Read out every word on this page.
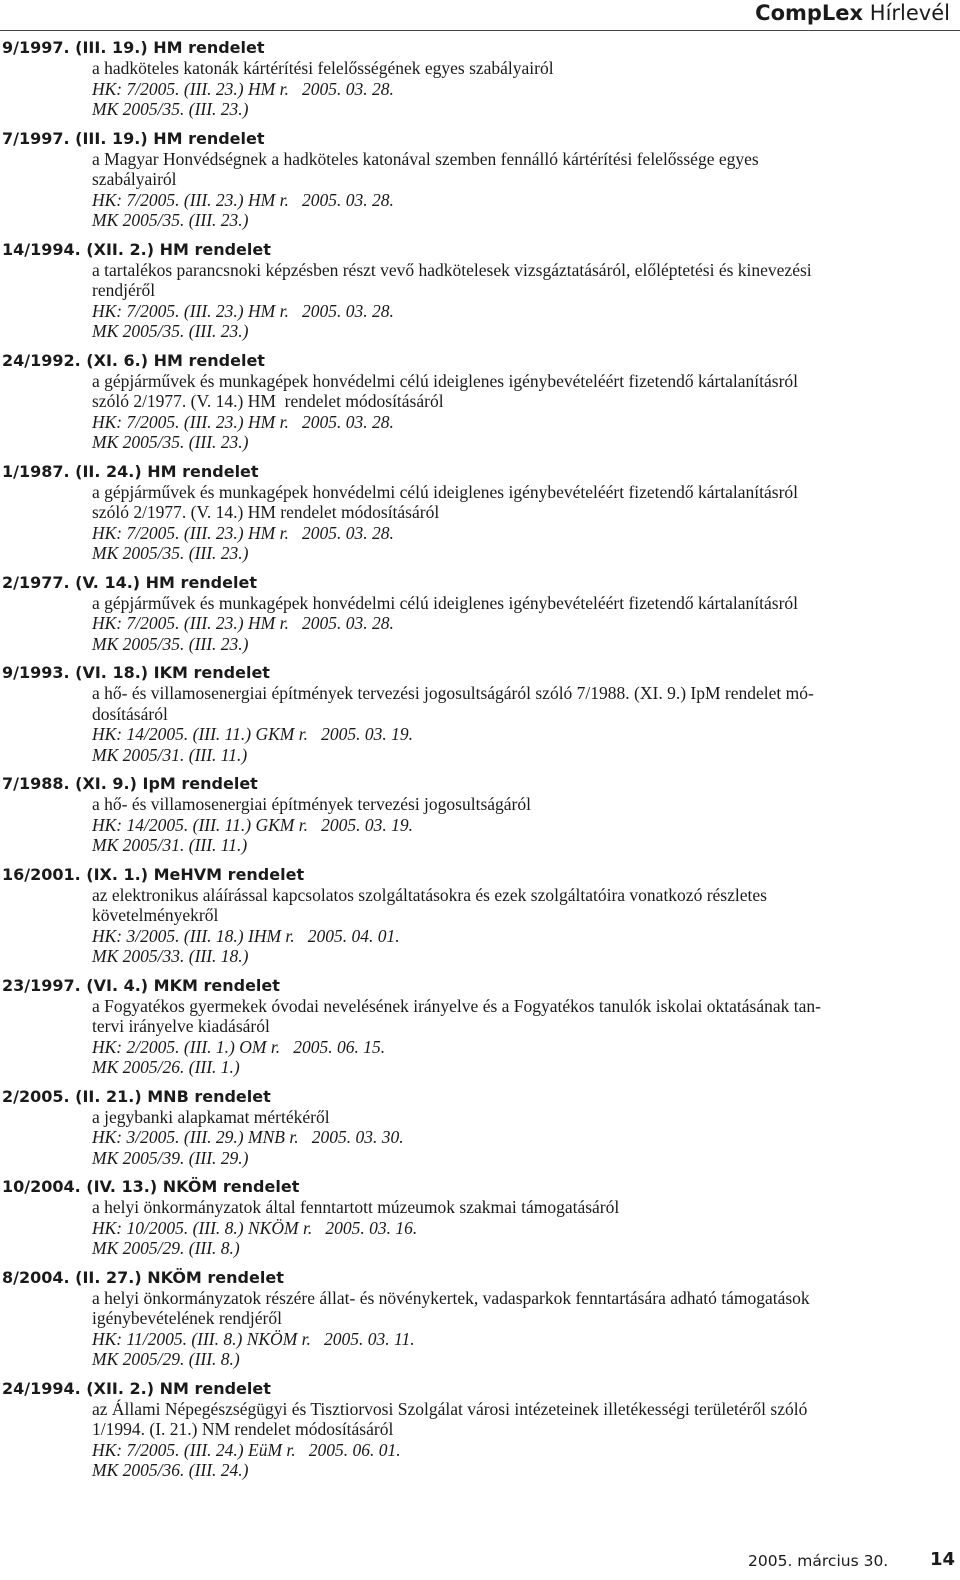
CompLex Hírlevél
9/1997. (III. 19.) HM rendelet
a hadköteles katonák kártérítési felelősségének egyes szabályairól
HK: 7/2005. (III. 23.) HM r.   2005. 03. 28.
MK 2005/35. (III. 23.)
7/1997. (III. 19.) HM rendelet
a Magyar Honvédségnek a hadköteles katonával szemben fennálló kártérítési felelőssége egyes
szabályairól
HK: 7/2005. (III. 23.) HM r.   2005. 03. 28.
MK 2005/35. (III. 23.)
14/1994. (XII. 2.) HM rendelet
a tartalékos parancsnoki képzésben részt vevő hadkötelesek vizsgáztatásáról, előléptetési és kinevezési
rendjéről
HK: 7/2005. (III. 23.) HM r.   2005. 03. 28.
MK 2005/35. (III. 23.)
24/1992. (XI. 6.) HM rendelet
a gépjárművek és munkagépek honvédelmi célú ideiglenes igénybevételéért fizetendő kártalanításról
szóló 2/1977. (V. 14.) HM  rendelet módosításáról
HK: 7/2005. (III. 23.) HM r.   2005. 03. 28.
MK 2005/35. (III. 23.)
1/1987. (II. 24.) HM rendelet
a gépjárművek és munkagépek honvédelmi célú ideiglenes igénybevételéért fizetendő kártalanításról
szóló 2/1977. (V. 14.) HM rendelet módosításáról
HK: 7/2005. (III. 23.) HM r.   2005. 03. 28.
MK 2005/35. (III. 23.)
2/1977. (V. 14.) HM rendelet
a gépjárművek és munkagépek honvédelmi célú ideiglenes igénybevételéért fizetendő kártalanításról
HK: 7/2005. (III. 23.) HM r.   2005. 03. 28.
MK 2005/35. (III. 23.)
9/1993. (VI. 18.) IKM rendelet
a hő- és villamosenergiai építmények tervezési jogosultságáról szóló 7/1988. (XI. 9.) IpM rendelet mó-
dosításáról
HK: 14/2005. (III. 11.) GKM r.   2005. 03. 19.
MK 2005/31. (III. 11.)
7/1988. (XI. 9.) IpM rendelet
a hő- és villamosenergiai építmények tervezési jogosultságáról
HK: 14/2005. (III. 11.) GKM r.   2005. 03. 19.
MK 2005/31. (III. 11.)
16/2001. (IX. 1.) MeHVM rendelet
az elektronikus aláírással kapcsolatos szolgáltatásokra és ezek szolgáltatóira vonatkozó részletes
követelményekről
HK: 3/2005. (III. 18.) IHM r.   2005. 04. 01.
MK 2005/33. (III. 18.)
23/1997. (VI. 4.) MKM rendelet
a Fogyatékos gyermekek óvodai nevelésének irányelve és a Fogyatékos tanulók iskolai oktatásának tan-
tervi irányelve kiadásáról
HK: 2/2005. (III. 1.) OM r.   2005. 06. 15.
MK 2005/26. (III. 1.)
2/2005. (II. 21.) MNB rendelet
a jegybanki alapkamat mértékéről
HK: 3/2005. (III. 29.) MNB r.   2005. 03. 30.
MK 2005/39. (III. 29.)
10/2004. (IV. 13.) NKÖM rendelet
a helyi önkormányzatok által fenntartott múzeumok szakmai támogatásáról
HK: 10/2005. (III. 8.) NKÖM r.   2005. 03. 16.
MK 2005/29. (III. 8.)
8/2004. (II. 27.) NKÖM rendelet
a helyi önkormányzatok részére állat- és növénykertek, vadasparkok fenntartására adható támogatások
igénybevételének rendjéről
HK: 11/2005. (III. 8.) NKÖM r.   2005. 03. 11.
MK 2005/29. (III. 8.)
24/1994. (XII. 2.) NM rendelet
az Állami Népegészségügyi és Tisztiorvosi Szolgálat városi intézeteinek illetékességi területéről szóló
1/1994. (I. 21.) NM rendelet módosításáról
HK: 7/2005. (III. 24.) EüM r.   2005. 06. 01.
MK 2005/36. (III. 24.)
2005. március 30. 14
